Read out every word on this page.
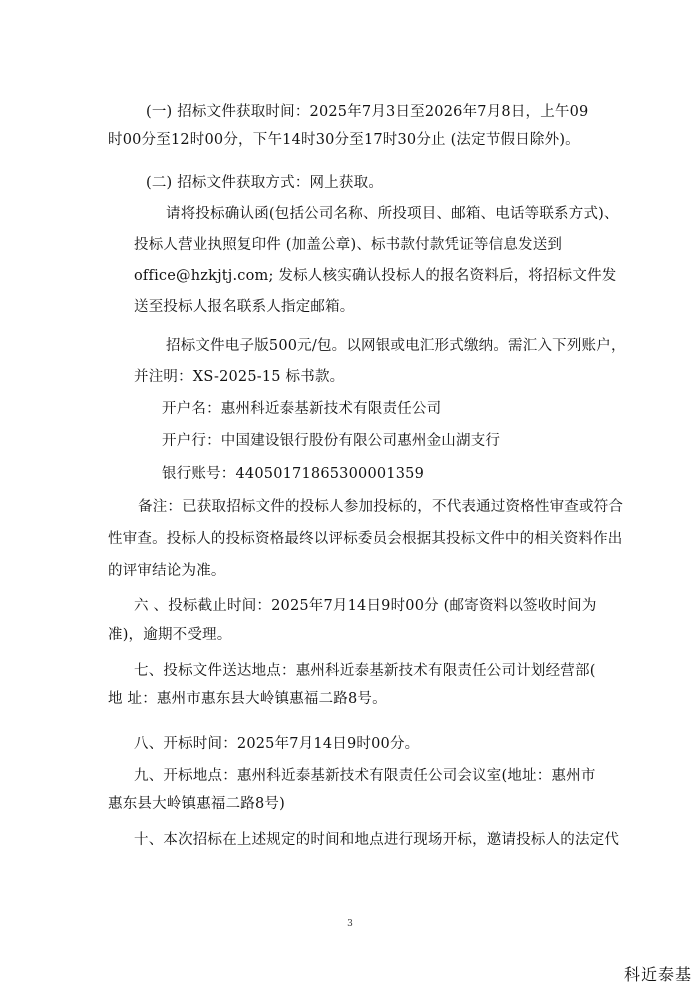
(一) 招标文件获取时间：2025年7月3日至2026年7月8日，上午09
时00分至12时00分，下午14时30分至17时30分止 (法定节假日除外)。
(二) 招标文件获取方式：网上获取。
请将投标确认函(包括公司名称、所投项目、邮箱、电话等联系方式)、
投标人营业执照复印件 (加盖公章)、标书款付款凭证等信息发送到
office@hzkjtj.com; 发标人核实确认投标人的报名资料后，将招标文件发
送至投标人报名联系人指定邮箱。
招标文件电子版500元/包。以网银或电汇形式缴纳。需汇入下列账户，
并注明：XS-2025-15 标书款。
开户名：惠州科近泰基新技术有限责任公司
开户行：中国建设银行股份有限公司惠州金山湖支行
银行账号：44050171865300001359
备注：已获取招标文件的投标人参加投标的，不代表通过资格性审查或符合
性审查。投标人的投标资格最终以评标委员会根据其投标文件中的相关资料作出
的评审结论为准。
六 、投标截止时间：2025年7月14日9时00分 (邮寄资料以签收时间为
准)，逾期不受理。
七、投标文件送达地点：惠州科近泰基新技术有限责任公司计划经营部(
地 址：惠州市惠东县大岭镇惠福二路8号。
八、开标时间：2025年7月14日9时00分。
九、开标地点：惠州科近泰基新技术有限责任公司会议室(地址：惠州市
惠东县大岭镇惠福二路8号)
十、本次招标在上述规定的时间和地点进行现场开标，邀请投标人的法定代
3
科近泰基
